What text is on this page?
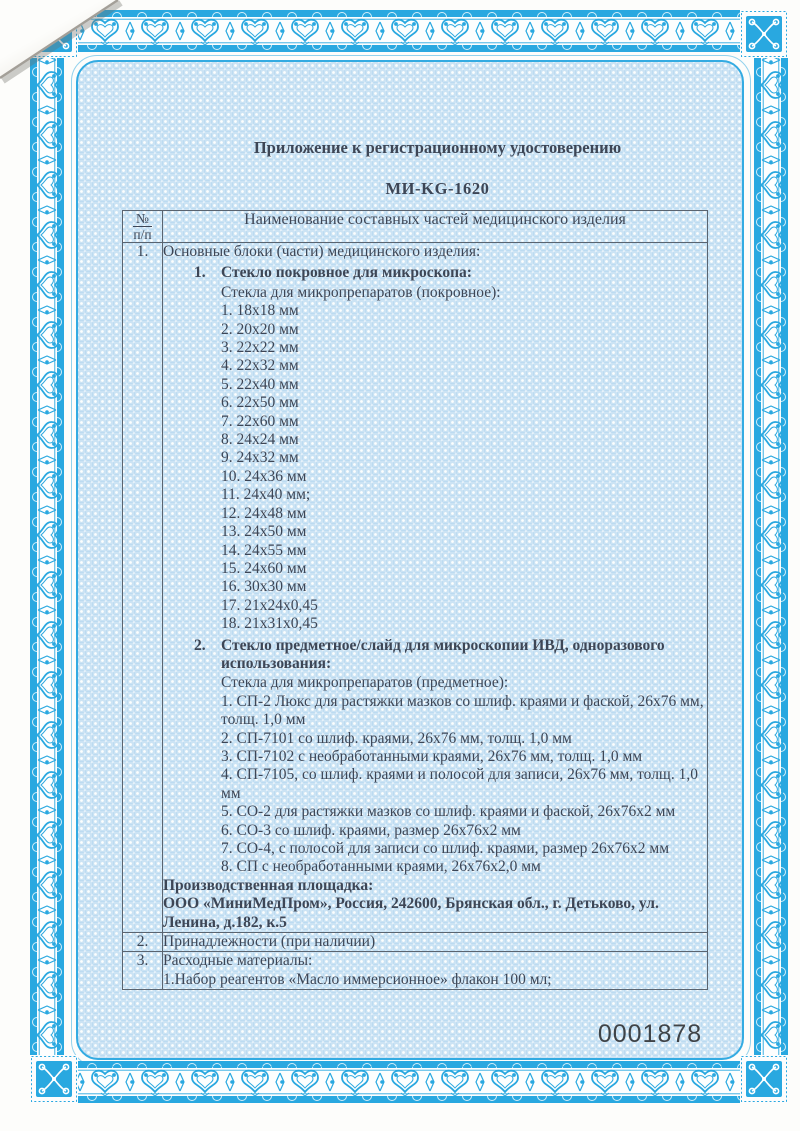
Приложение к регистрационному удостоверению
МИ-KG-1620
№
п/п	Наименование составных частей медицинского изделия
1.	Основные блоки (части) медицинского изделия:
1. Стекло покровное для микроскопа:
Стекла для микропрепаратов (покровное):
1. 18х18 мм
2. 20х20 мм
3. 22х22 мм
4. 22х32 мм
5. 22х40 мм
6. 22х50 мм
7. 22х60 мм
8. 24х24 мм
9. 24х32 мм
10. 24х36 мм
11. 24х40 мм;
12. 24х48 мм
13. 24х50 мм
14. 24х55 мм
15. 24х60 мм
16. 30х30 мм
17. 21х24х0,45
18. 21х31х0,45
2. Стекло предметное/слайд для микроскопии ИВД, одноразового использования:
Стекла для микропрепаратов (предметное):
1. СП-2 Люкс для растяжки мазков со шлиф. краями и фаской, 26х76 мм, толщ. 1,0 мм
2. СП-7101 со шлиф. краями, 26х76 мм, толщ. 1,0 мм
3. СП-7102 с необработанными краями, 26х76 мм, толщ. 1,0 мм
4. СП-7105, со шлиф. краями и полосой для записи, 26х76 мм, толщ. 1,0 мм
5. СО-2 для растяжки мазков со шлиф. краями и фаской, 26х76х2 мм
6. СО-3 со шлиф. краями, размер 26х76х2 мм
7. СО-4, с полосой для записи со шлиф. краями, размер 26х76х2 мм
8. СП с необработанными краями, 26х76х2,0 мм
Производственная площадка:
ООО «МиниМедПром», Россия, 242600, Брянская обл., г. Детьково, ул. Ленина, д.182, к.5

2.	Принадлежности (при наличии)

3.	Расходные материалы:
1.Набор реагентов «Масло иммерсионное» флакон 100 мл;
0001878
